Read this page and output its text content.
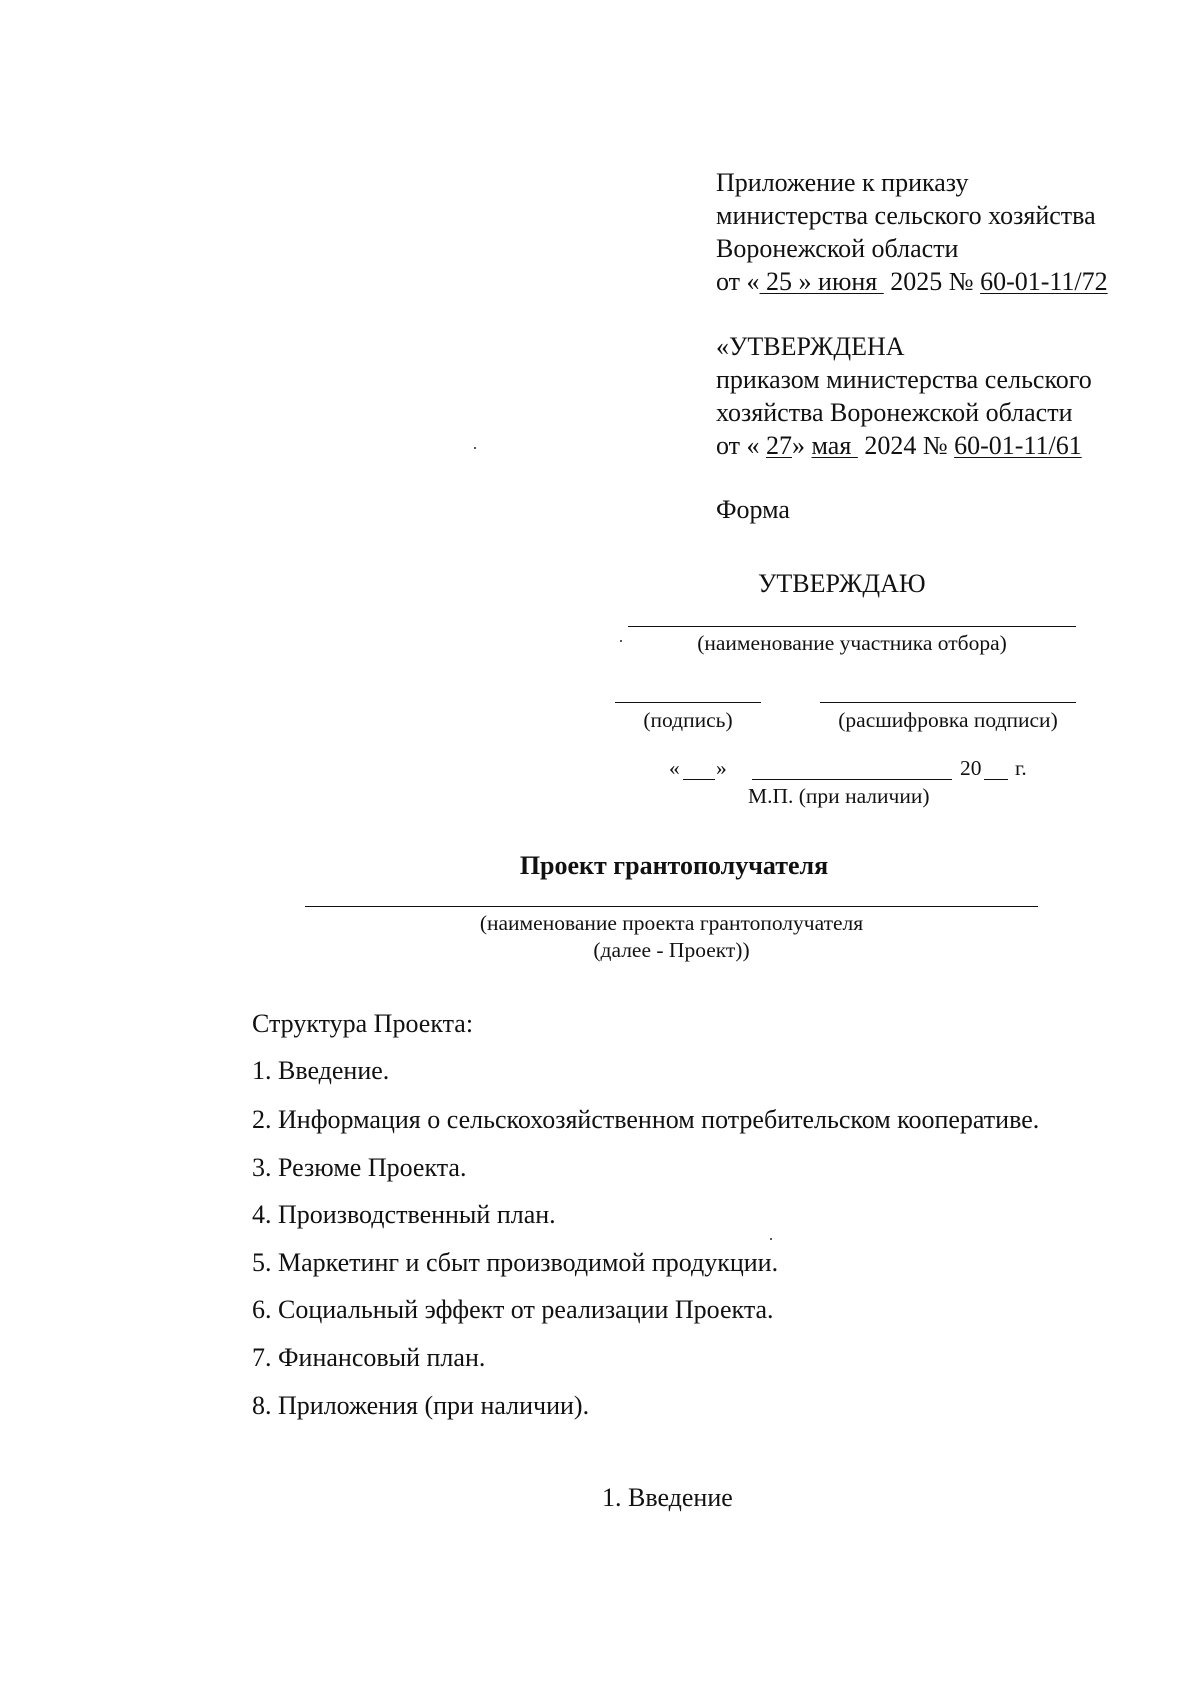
Приложение к приказу
министерства сельского хозяйства
Воронежской области
от « 25 » июня  2025 № 60-01-11/72
«УТВЕРЖДЕНА
приказом министерства сельского
хозяйства Воронежской области
от « 27» мая  2024 № 60-01-11/61
Форма
УТВЕРЖДАЮ
(наименование участника отбора)
(подпись)	(расшифровка подписи)
« »	20 г.
М.П. (при наличии)
Проект грантополучателя
(наименование проекта грантополучателя
(далее - Проект))
Структура Проекта:
1. Введение.
2. Информация о сельскохозяйственном потребительском кооперативе.
3. Резюме Проекта.
4. Производственный план.
5. Маркетинг и сбыт производимой продукции.
6. Социальный эффект от реализации Проекта.
7. Финансовый план.
8. Приложения (при наличии).
1. Введение
